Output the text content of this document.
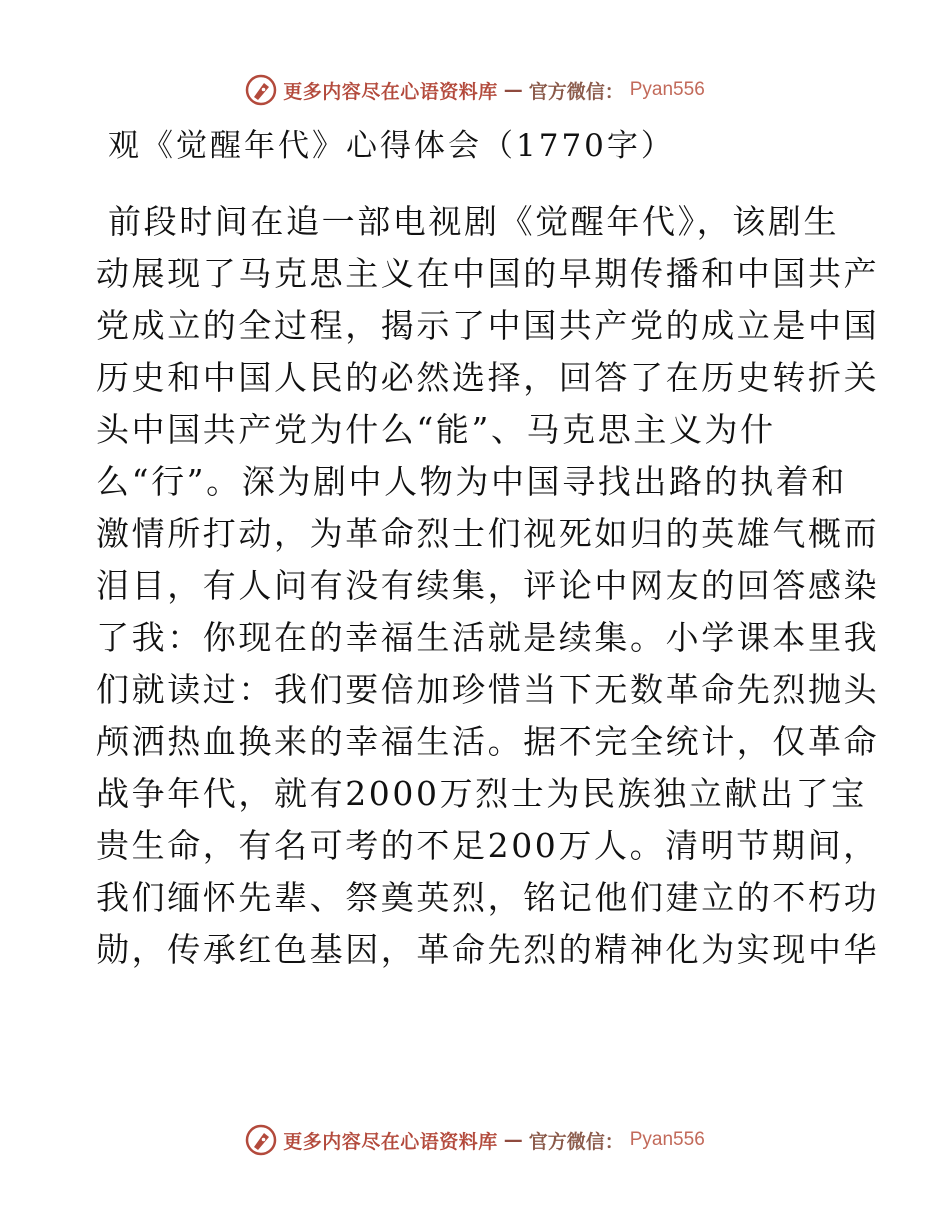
更多内容尽在心语资料库 — 官方微信： Pyan556
观《觉醒年代》心得体会（1770字）
前段时间在追一部电视剧《觉醒年代》，该剧生
动展现了马克思主义在中国的早期传播和中国共产
党成立的全过程，揭示了中国共产党的成立是中国
历史和中国人民的必然选择，回答了在历史转折关
头中国共产党为什么“能”、马克思主义为什
么“行”。深为剧中人物为中国寻找出路的执着和
激情所打动，为革命烈士们视死如归的英雄气概而
泪目，有人问有没有续集，评论中网友的回答感染
了我：你现在的幸福生活就是续集。小学课本里我
们就读过：我们要倍加珍惜当下无数革命先烈抛头
颅洒热血换来的幸福生活。据不完全统计，仅革命
战争年代，就有2000万烈士为民族独立献出了宝
贵生命，有名可考的不足200万人。清明节期间，
我们缅怀先辈、祭奠英烈，铭记他们建立的不朽功
勋，传承红色基因，革命先烈的精神化为实现中华
更多内容尽在心语资料库 — 官方微信： Pyan556
